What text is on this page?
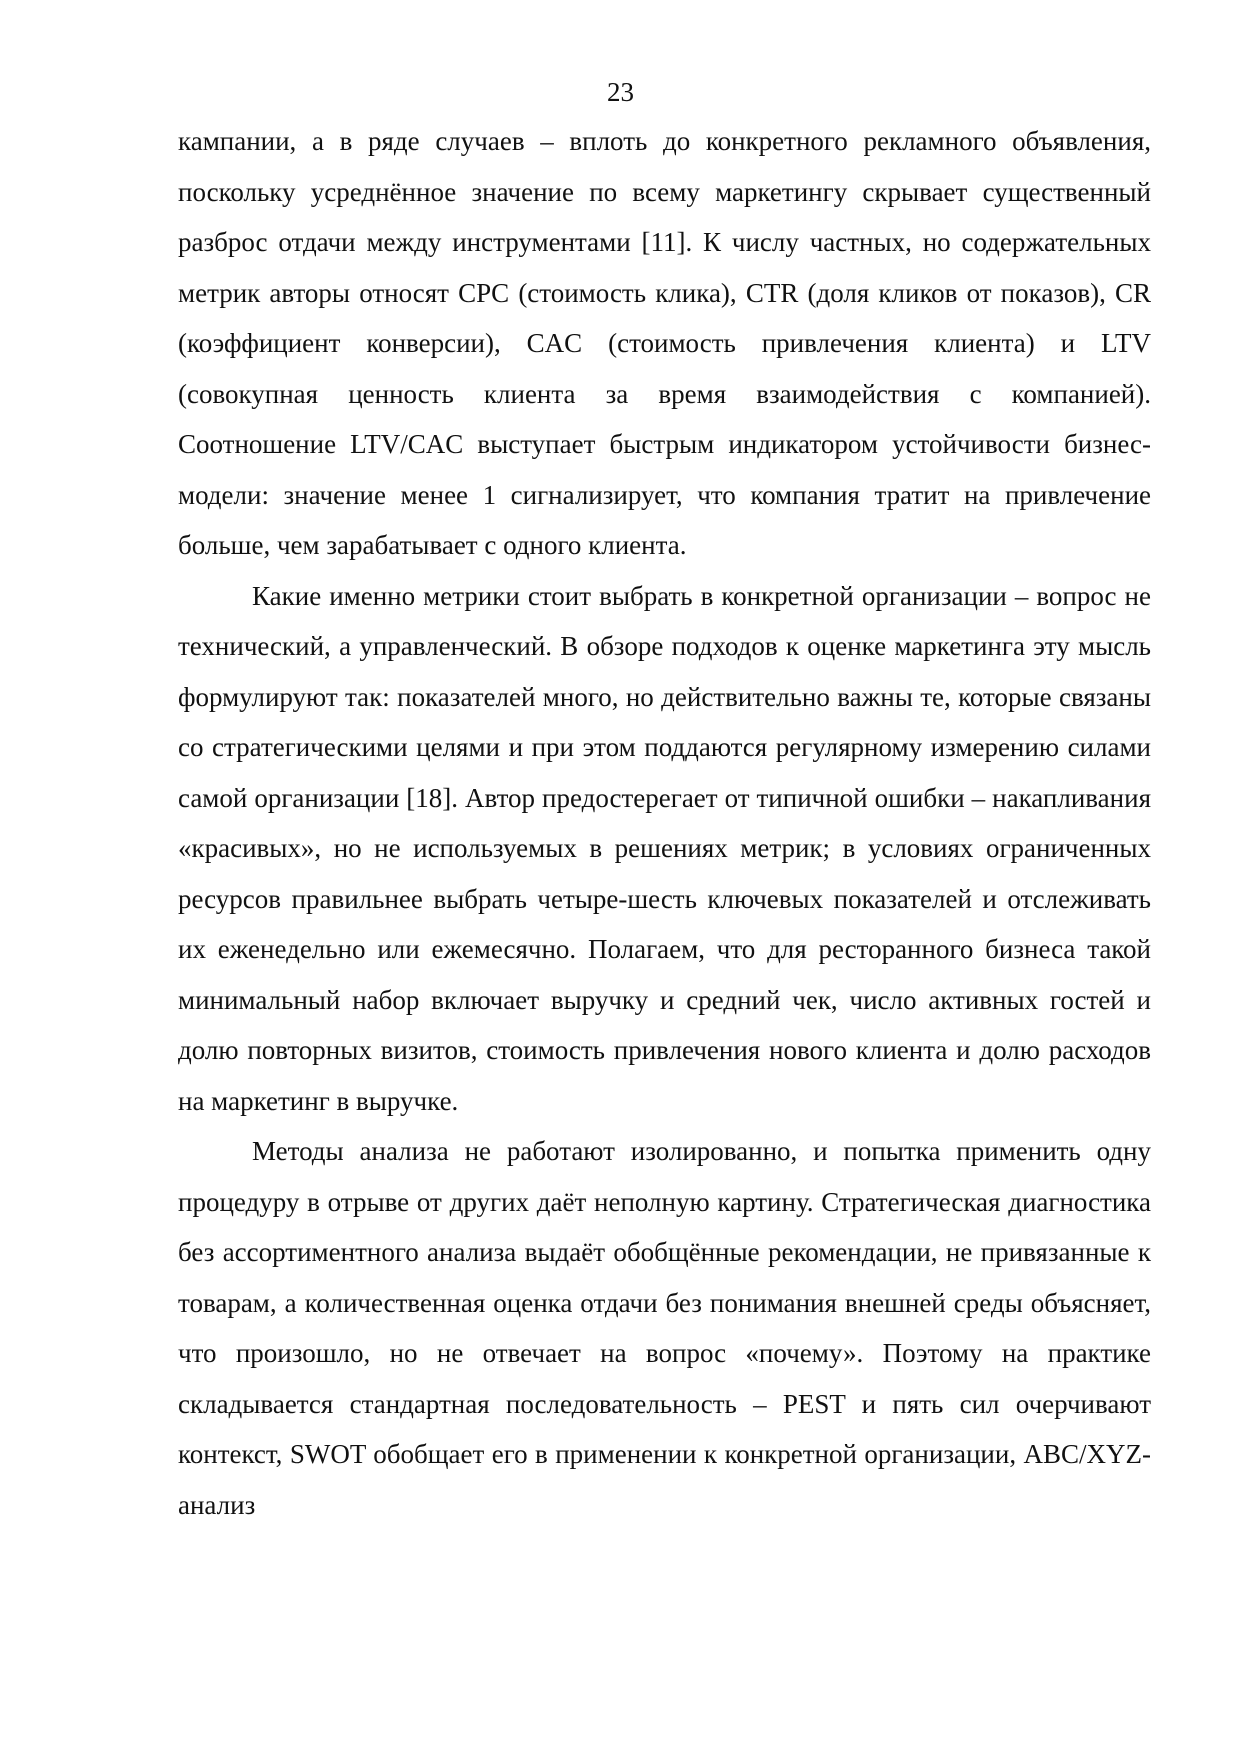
23

кампании, а в ряде случаев – вплоть до конкретного рекламного объявления, поскольку усреднённое значение по всему маркетингу скрывает существенный разброс отдачи между инструментами [11]. К числу частных, но содержательных метрик авторы относят CPC (стоимость клика), CTR (доля кликов от показов), CR (коэффициент конверсии), CAC (стоимость привлечения клиента) и LTV (совокупная ценность клиента за время взаимодействия с компанией). Соотношение LTV/CAC выступает быстрым индикатором устойчивости бизнес-модели: значение менее 1 сигнализирует, что компания тратит на привлечение больше, чем зарабатывает с одного клиента.

Какие именно метрики стоит выбрать в конкретной организации – вопрос не технический, а управленческий. В обзоре подходов к оценке маркетинга эту мысль формулируют так: показателей много, но действительно важны те, которые связаны со стратегическими целями и при этом поддаются регулярному измерению силами самой организации [18]. Автор предостерегает от типичной ошибки – накапливания «красивых», но не используемых в решениях метрик; в условиях ограниченных ресурсов правильнее выбрать четыре-шесть ключевых показателей и отслеживать их еженедельно или ежемесячно. Полагаем, что для ресторанного бизнеса такой минимальный набор включает выручку и средний чек, число активных гостей и долю повторных визитов, стоимость привлечения нового клиента и долю расходов на маркетинг в выручке.

Методы анализа не работают изолированно, и попытка применить одну процедуру в отрыве от других даёт неполную картину. Стратегическая диагностика без ассортиментного анализа выдаёт обобщённые рекомендации, не привязанные к товарам, а количественная оценка отдачи без понимания внешней среды объясняет, что произошло, но не отвечает на вопрос «почему». Поэтому на практике складывается стандартная последовательность – PEST и пять сил очерчивают контекст, SWOT обобщает его в применении к конкретной организации, ABC/XYZ-анализ
